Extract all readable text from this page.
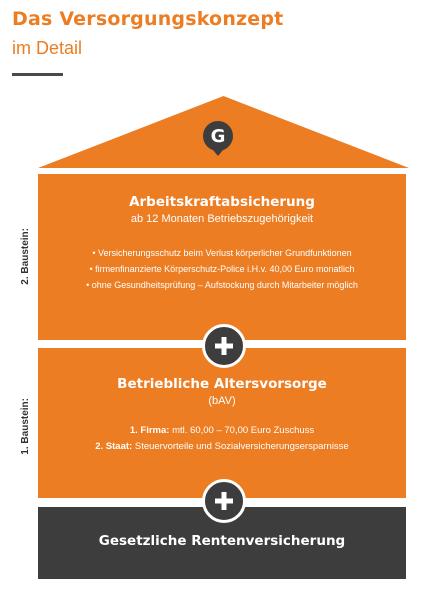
Das Versorgungskonzept
im Detail
G
Arbeitskraftabsicherung
ab 12 Monaten Betriebszugehörigkeit
• Versicherungsschutz beim Verlust körperlicher Grundfunktionen
• firmenfinanzierte Körperschutz-Police i.H.v. 40,00 Euro monatlich
• ohne Gesundheitsprüfung – Aufstockung durch Mitarbeiter möglich
2. Baustein:
Betriebliche Altersvorsorge
(bAV)
1. Firma: mtl. 60,00 – 70,00 Euro Zuschuss
2. Staat: Steuervorteile und Sozialversicherungsersparnisse
1. Baustein:
Gesetzliche Rentenversicherung
